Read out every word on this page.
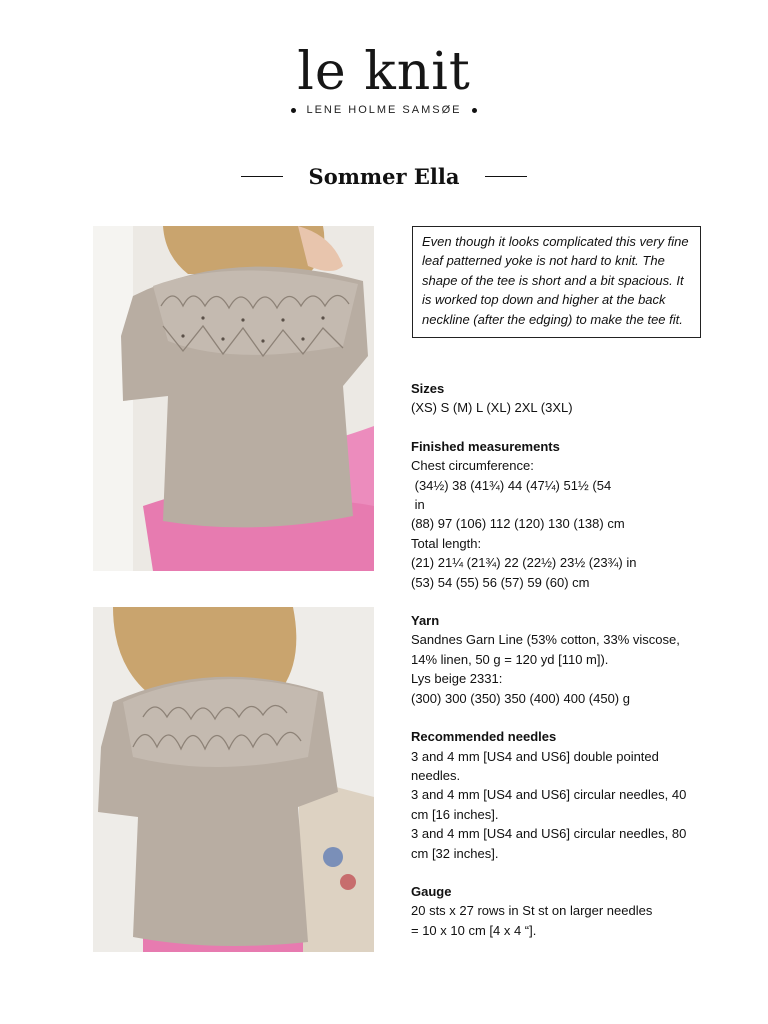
le knit
LENE HOLME SAMSØE
Sommer Ella
Even though it looks complicated this very fine leaf patterned yoke is not hard to knit. The shape of the tee is short and a bit spacious. It is worked top down and higher at the back neckline (after the edging) to make the tee fit.
Sizes

(XS) S (M) L (XL) 2XL (3XL)

Finished measurements

Chest circumference:

(34½) 38 (41¾) 44 (47¼) 51½ (54

in

(88) 97 (106) 112 (120) 130 (138) cm

Total length:

(21) 21¼ (21¾) 22 (22½) 23½ (23¾) in

(53) 54 (55) 56 (57) 59 (60) cm

Yarn

Sandnes Garn Line (53% cotton, 33% viscose,

14% linen, 50 g = 120 yd [110 m]).

Lys beige 2331:

(300) 300 (350) 350 (400) 400 (450) g

Recommended needles

3 and 4 mm [US4 and US6] double pointed

needles.

3 and 4 mm [US4 and US6] circular needles, 40

cm [16 inches].

3 and 4 mm [US4 and US6] circular needles, 80

cm [32 inches].

Gauge

20 sts x 27 rows in St st on larger needles

= 10 x 10 cm [4 x 4 “].
